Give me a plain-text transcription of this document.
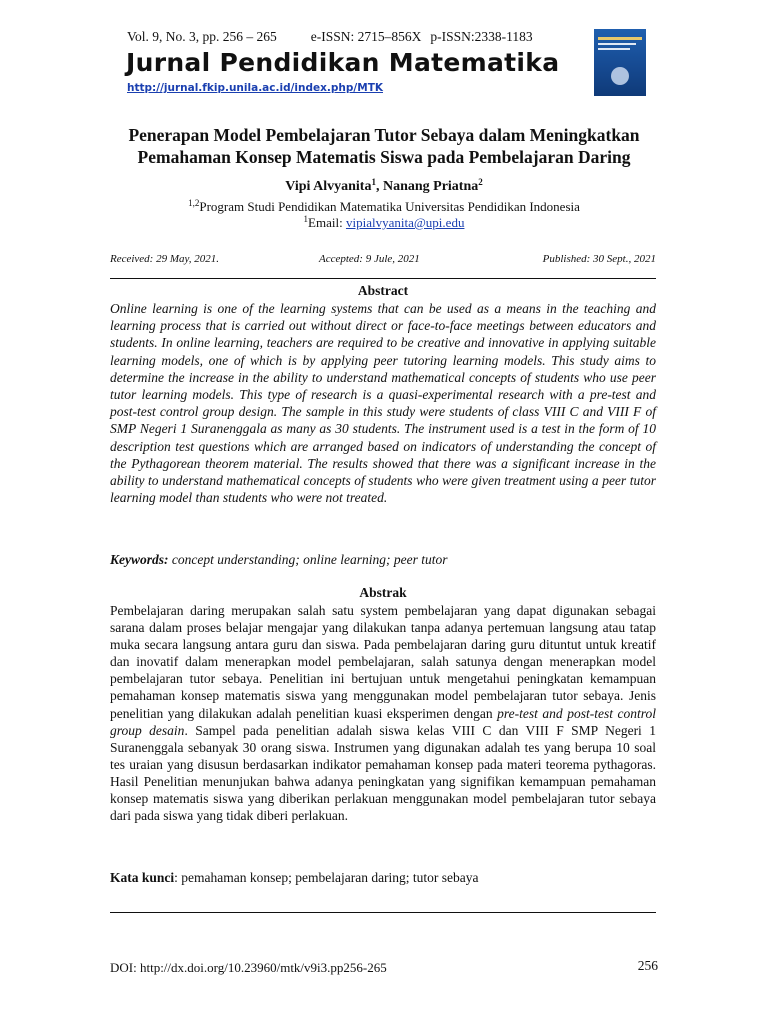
Vol. 9, No. 3, pp. 256 – 265	e-ISSN: 2715–856X p-ISSN:2338-1183
Jurnal Pendidikan Matematika
http://jurnal.fkip.unila.ac.id/index.php/MTK
Penerapan Model Pembelajaran Tutor Sebaya dalam Meningkatkan Pemahaman Konsep Matematis Siswa pada Pembelajaran Daring
Vipi Alvyanita$^1$, Nanang Priatna$^2$
$^{1,2}$Program Studi Pendidikan Matematika Universitas Pendidikan Indonesia
$^1$Email: vipialvyanita@upi.edu
Received: 29 May, 2021.	Accepted: 9 Jule, 2021	Published: 30 Sept., 2021
Abstract

Online learning is one of the learning systems that can be used as a means in the teaching and learning process that is carried out without direct or face-to-face meetings between educators and students. In online learning, teachers are required to be creative and innovative in applying suitable learning models, one of which is by applying peer tutoring learning models. This study aims to determine the increase in the ability to understand mathematical concepts of students who use peer tutor learning models. This type of research is a quasi-experimental research with a pre-test and post-test control group design. The sample in this study were students of class VIII C and VIII F of SMP Negeri 1 Suranenggala as many as 30 students. The instrument used is a test in the form of 10 description test questions which are arranged based on indicators of understanding the concept of the Pythagorean theorem material. The results showed that there was a significant increase in the ability to understand mathematical concepts of students who were given treatment using a peer tutor learning model than students who were not treated.

Keywords: concept understanding; online learning; peer tutor
Abstrak

Pembelajaran daring merupakan salah satu system pembelajaran yang dapat digunakan sebagai sarana dalam proses belajar mengajar yang dilakukan tanpa adanya pertemuan langsung atau tatap muka secara langsung antara guru dan siswa. Pada pembelajaran daring guru dituntut untuk kreatif dan inovatif dalam menerapkan model pembelajaran, salah satunya dengan menerapkan model pembelajaran tutor sebaya. Penelitian ini bertujuan untuk mengetahui peningkatan kemampuan pemahaman konsep matematis siswa yang menggunakan model pembelajaran tutor sebaya. Jenis penelitian yang dilakukan adalah penelitian kuasi eksperimen dengan pre-test and post-test control group desain. Sampel pada penelitian adalah siswa kelas VIII C dan VIII F SMP Negeri 1 Suranenggala sebanyak 30 orang siswa. Instrumen yang digunakan adalah tes yang berupa 10 soal tes uraian yang disusun berdasarkan indikator pemahaman konsep pada materi teorema pythagoras. Hasil Penelitian menunjukan bahwa adanya peningkatan yang signifikan kemampuan pemahaman konsep matematis siswa yang diberikan perlakuan menggunakan model pembelajaran tutor sebaya dari pada siswa yang tidak diberi perlakuan.

Kata kunci: pemahaman konsep; pembelajaran daring; tutor sebaya
DOI: http://dx.doi.org/10.23960/mtk/v9i3.pp256-265	256
